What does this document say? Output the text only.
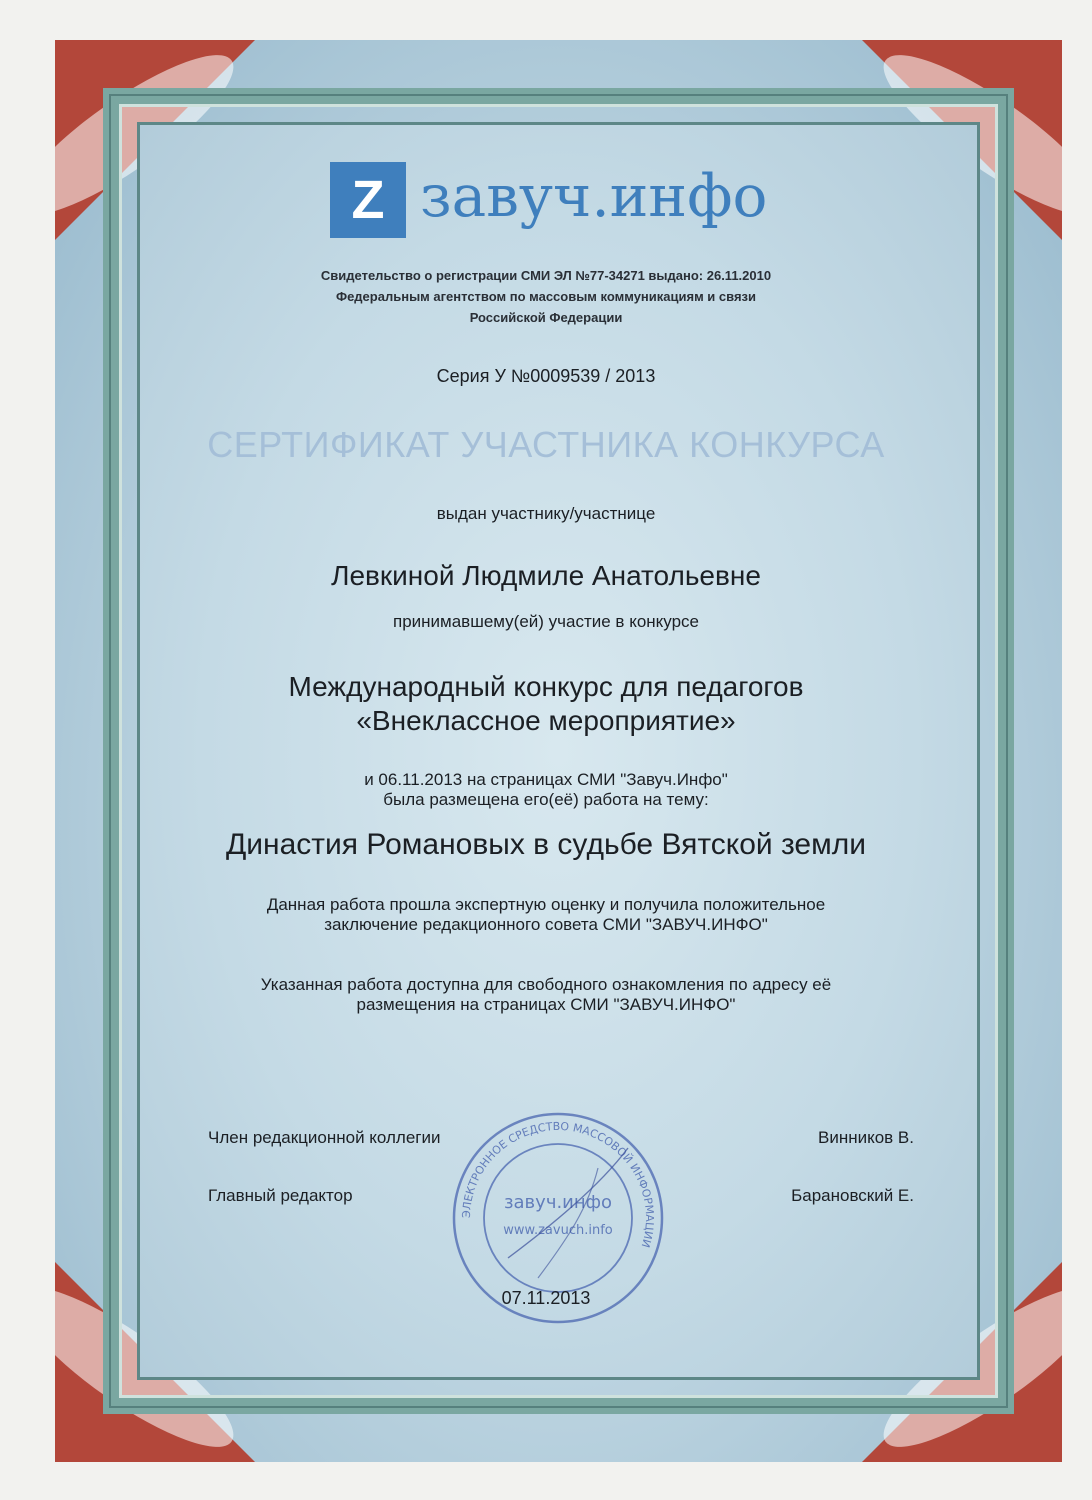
Z завуч.инфо
Свидетельство о регистрации СМИ ЭЛ №77-34271 выдано: 26.11.2010
Федеральным агентством по массовым коммуникациям и связи
Российской Федерации
Серия У №0009539 / 2013
СЕРТИФИКАТ УЧАСТНИКА КОНКУРСА
выдан участнику/участнице
Левкиной Людмиле Анатольевне
принимавшему(ей) участие в конкурсе
Международный конкурс для педагогов
«Внеклассное мероприятие»
и 06.11.2013 на страницах СМИ "Завуч.Инфо"
была размещена его(её) работа на тему:
Династия Романовых в судьбе Вятской земли
Данная работа прошла экспертную оценку и получила положительное
заключение редакционного совета СМИ "ЗАВУЧ.ИНФО"
Указанная работа доступна для свободного ознакомления по адресу её
размещения на страницах СМИ "ЗАВУЧ.ИНФО"
Член редакционной коллегии	Винников В.
Главный редактор	Барановский Е.
ЭЛЕКТРОННОЕ СРЕДСТВО МАССОВОЙ ИНФОРМАЦИИ
завуч.инфо
www.zavuch.info
07.11.2013
